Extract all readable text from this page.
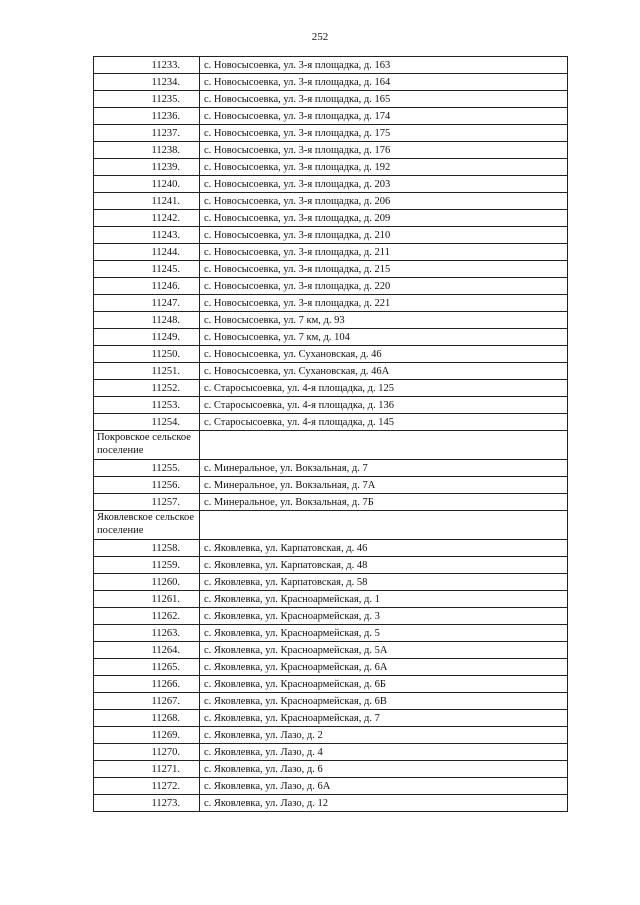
252
11233.	с. Новосысоевка, ул. 3-я площадка, д. 163
11234.	с. Новосысоевка, ул. 3-я площадка, д. 164
11235.	с. Новосысоевка, ул. 3-я площадка, д. 165
11236.	с. Новосысоевка, ул. 3-я площадка, д. 174
11237.	с. Новосысоевка, ул. 3-я площадка, д. 175
11238.	с. Новосысоевка, ул. 3-я площадка, д. 176
11239.	с. Новосысоевка, ул. 3-я площадка, д. 192
11240.	с. Новосысоевка, ул. 3-я площадка, д. 203
11241.	с. Новосысоевка, ул. 3-я площадка, д. 206
11242.	с. Новосысоевка, ул. 3-я площадка, д. 209
11243.	с. Новосысоевка, ул. 3-я площадка, д. 210
11244.	с. Новосысоевка, ул. 3-я площадка, д. 211
11245.	с. Новосысоевка, ул. 3-я площадка, д. 215
11246.	с. Новосысоевка, ул. 3-я площадка, д. 220
11247.	с. Новосысоевка, ул. 3-я площадка, д. 221
11248.	с. Новосысоевка, ул. 7 км, д. 93
11249.	с. Новосысоевка, ул. 7 км, д. 104
11250.	с. Новосысоевка, ул. Сухановская, д. 46
11251.	с. Новосысоевка, ул. Сухановская, д. 46А
11252.	с. Старосысоевка, ул. 4-я площадка, д. 125
11253.	с. Старосысоевка, ул. 4-я площадка, д. 136
11254.	с. Старосысоевка, ул. 4-я площадка, д. 145
Покровское сельское поселение	
11255.	с. Минеральное, ул. Вокзальная, д. 7
11256.	с. Минеральное, ул. Вокзальная, д. 7А
11257.	с. Минеральное, ул. Вокзальная, д. 7Б
Яковлевское сельское поселение	
11258.	с. Яковлевка, ул. Карпатовская, д. 46
11259.	с. Яковлевка, ул. Карпатовская, д. 48
11260.	с. Яковлевка, ул. Карпатовская, д. 58
11261.	с. Яковлевка, ул. Красноармейская, д. 1
11262.	с. Яковлевка, ул. Красноармейская, д. 3
11263.	с. Яковлевка, ул. Красноармейская, д. 5
11264.	с. Яковлевка, ул. Красноармейская, д. 5А
11265.	с. Яковлевка, ул. Красноармейская, д. 6А
11266.	с. Яковлевка, ул. Красноармейская, д. 6Б
11267.	с. Яковлевка, ул. Красноармейская, д. 6В
11268.	с. Яковлевка, ул. Красноармейская, д. 7
11269.	с. Яковлевка, ул. Лазо, д. 2
11270.	с. Яковлевка, ул. Лазо, д. 4
11271.	с. Яковлевка, ул. Лазо, д. 6
11272.	с. Яковлевка, ул. Лазо, д. 6А
11273.	с. Яковлевка, ул. Лазо, д. 12
